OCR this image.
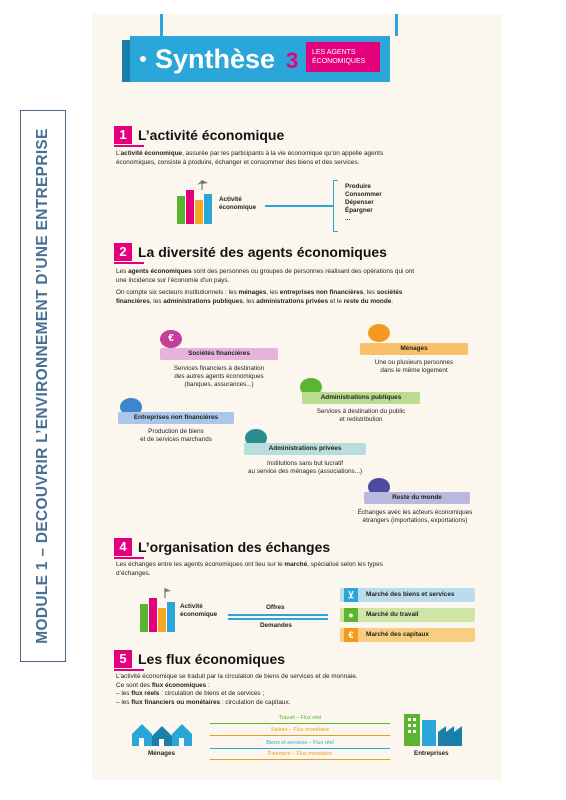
MODULE 1 – DECOUVRIR L’ENVIRONNEMENT D’UNE ENTREPRISE
Synthèse 3 LES AGENTS
ÉCONOMIQUES
1 L’activité économique
L’activité économique, assurée par les participants à la vie économique qu’on appelle agents économiques, consiste à produire, échanger et consommer des biens et des services.
Activité
économique
Produire
Consommer
Dépenser
Épargner
...
2 La diversité des agents économiques
Les agents économiques sont des personnes ou groupes de personnes réalisant des opérations qui ont une incidence sur l’économie d’un pays.
On compte six secteurs institutionnels : les ménages, les entreprises non financières, les sociétés financières, les administrations publiques, les administrations privées et le reste du monde.
€
Sociétés financières
Services financiers à destination
des autres agents économiques
(banques, assurances...)
Ménages
Une ou plusieurs personnes
dans le même logement
Administrations publiques
Services à destination du public
et redistribution
Entreprises non financières
Production de biens
et de services marchands
Administrations privées
Institutions sans but lucratif
au service des ménages (associations...)
Reste du monde
Échanges avec les acteurs économiques
étrangers (importations, exportations)
4 L’organisation des échanges
Les échanges entre les agents économiques ont lieu sur le marché, spécialisé selon les types d’échanges.
Activité
économique
Offres
Demandes
Marché des biens et services
⊻
Marché du travail
●
Marché des capitaux
€
5 Les flux économiques
L’activité économique se traduit par la circulation de biens de services et de monnaie.
Ce sont des flux économiques :
– les flux réels : circulation de biens et de services ;
– les flux financiers ou monétaires : circulation de capitaux.
Ménages	Entreprises
Travail – Flux réel
Salaire – Flux monétaire
Biens et services – Flux réel
Paiement – Flux monétaire
